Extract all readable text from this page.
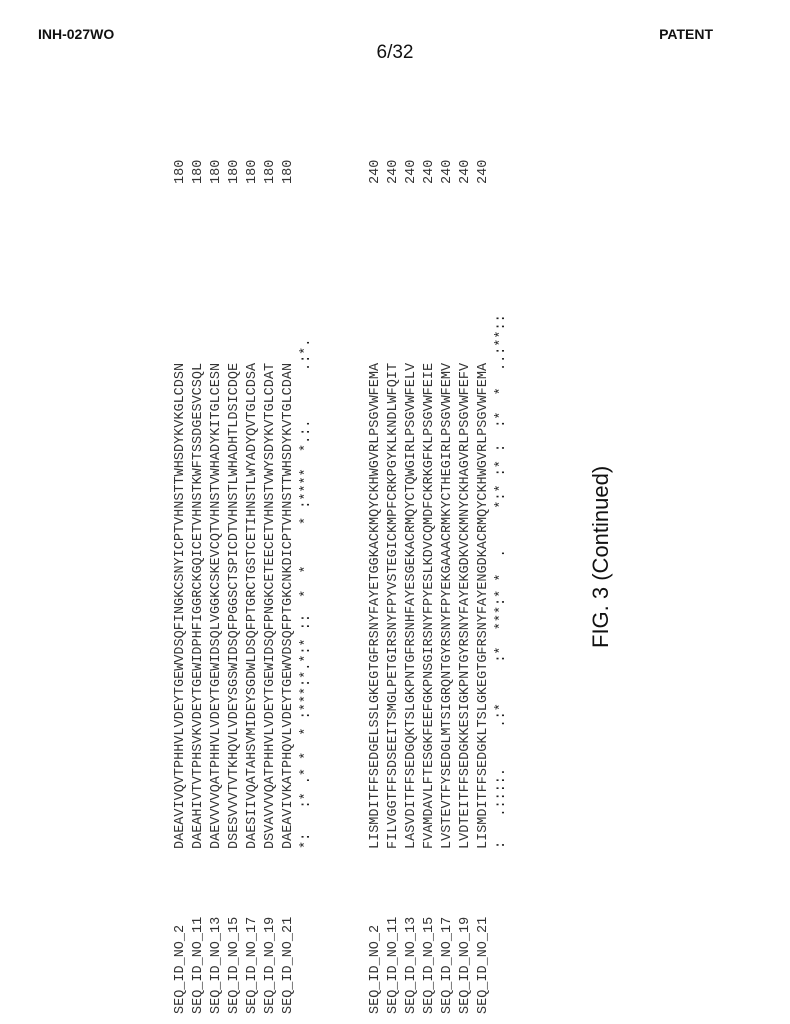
INH-027WO	PATENT
6/32
SEQ_ID_NO_2
DAEAVIVQVTPHHVLVDEYTGEWVDSQFINGKCSNYICPTVHNSTTWHSDYKVKGLCDSN
180
SEQ_ID_NO_11
DAEAHIVTVTPHSVKVDEYTGEWIDPHFIGGRCKGQICETVHNSTKWFTSSDGESVCSQL
180
SEQ_ID_NO_13
DAEVVVVQATPHHVLVDEYTGEWIDSQLVGGKCSKEVCQTVHNSTVWHADYKITGLCESN
180
SEQ_ID_NO_15
DSESVVVTVTKHQVLVDEYSGSWIDSQFPGGSCTSPICDTVHNSTLWHADHTLDSICDQE
180
SEQ_ID_NO_17
DAESIIVQATAHSVMIDEYSGDWLDSQFPTGRCTGSTCETIHNSTLWYADYQVTGLCDSA
180
SEQ_ID_NO_19
DSVAVVVQATPHHVLVDEYTGEWIDSQFPNGKCETEECETVHNSTVWYSDYKVTGLCDAT
180
SEQ_ID_NO_21
DAEAVIVKATPHQVLVDEYTGEWVDSQFPTGKCNKDICPTVHNSTTWHSDYKVTGLCDAN
180
*:   :* .* *  * :***:*.*:* ::  *  *     * :****  *.:.      .:*.
SEQ_ID_NO_2
LISMDITFFSEDGELSSLGKEGTGFRSNYFAYETGGKACKMQYCKHWGVRLPSGVWFEMA
240
SEQ_ID_NO_11
FILVGGTFFSDSEEITSMGLPETGIRSNYFPYVSTEGICKMPFCRKPGYKLKNDLWFQIT
240
SEQ_ID_NO_13
LASVDITFFSEDGQKTSLGKPNTGFRSNHFAYESGEKACRMQYCTQWGIRLPSGVWFELV
240
SEQ_ID_NO_15
FVAMDAVLFTESGKFEEFGKPNSGIRSNYFPYESLKDVCQMDFCKRKGFKLPSGVWFEIE
240
SEQ_ID_NO_17
LVSTEVTFYSEDGLMTSIGRQNTGYRSNYFPYEKGAAACRMKYCTHEGIRLPSGVWFEMV
240
SEQ_ID_NO_19
LVDTEITFFSEDGKKESIGKPNTGYRSNYFAYEKGDKVCKMNYCKHAGVRLPSGVWFEFV
240
SEQ_ID_NO_21
LISMDITFFSEDGKLTSLGKEGTGFRSNYFAYENGDKACRMQYCKHWGVRLPSGVWFEMA
240
:   .::::.     .:*     :*  ***:* *  .     *:* :* :  :*  *  ..:**::	FIG. 3 (Continued)
